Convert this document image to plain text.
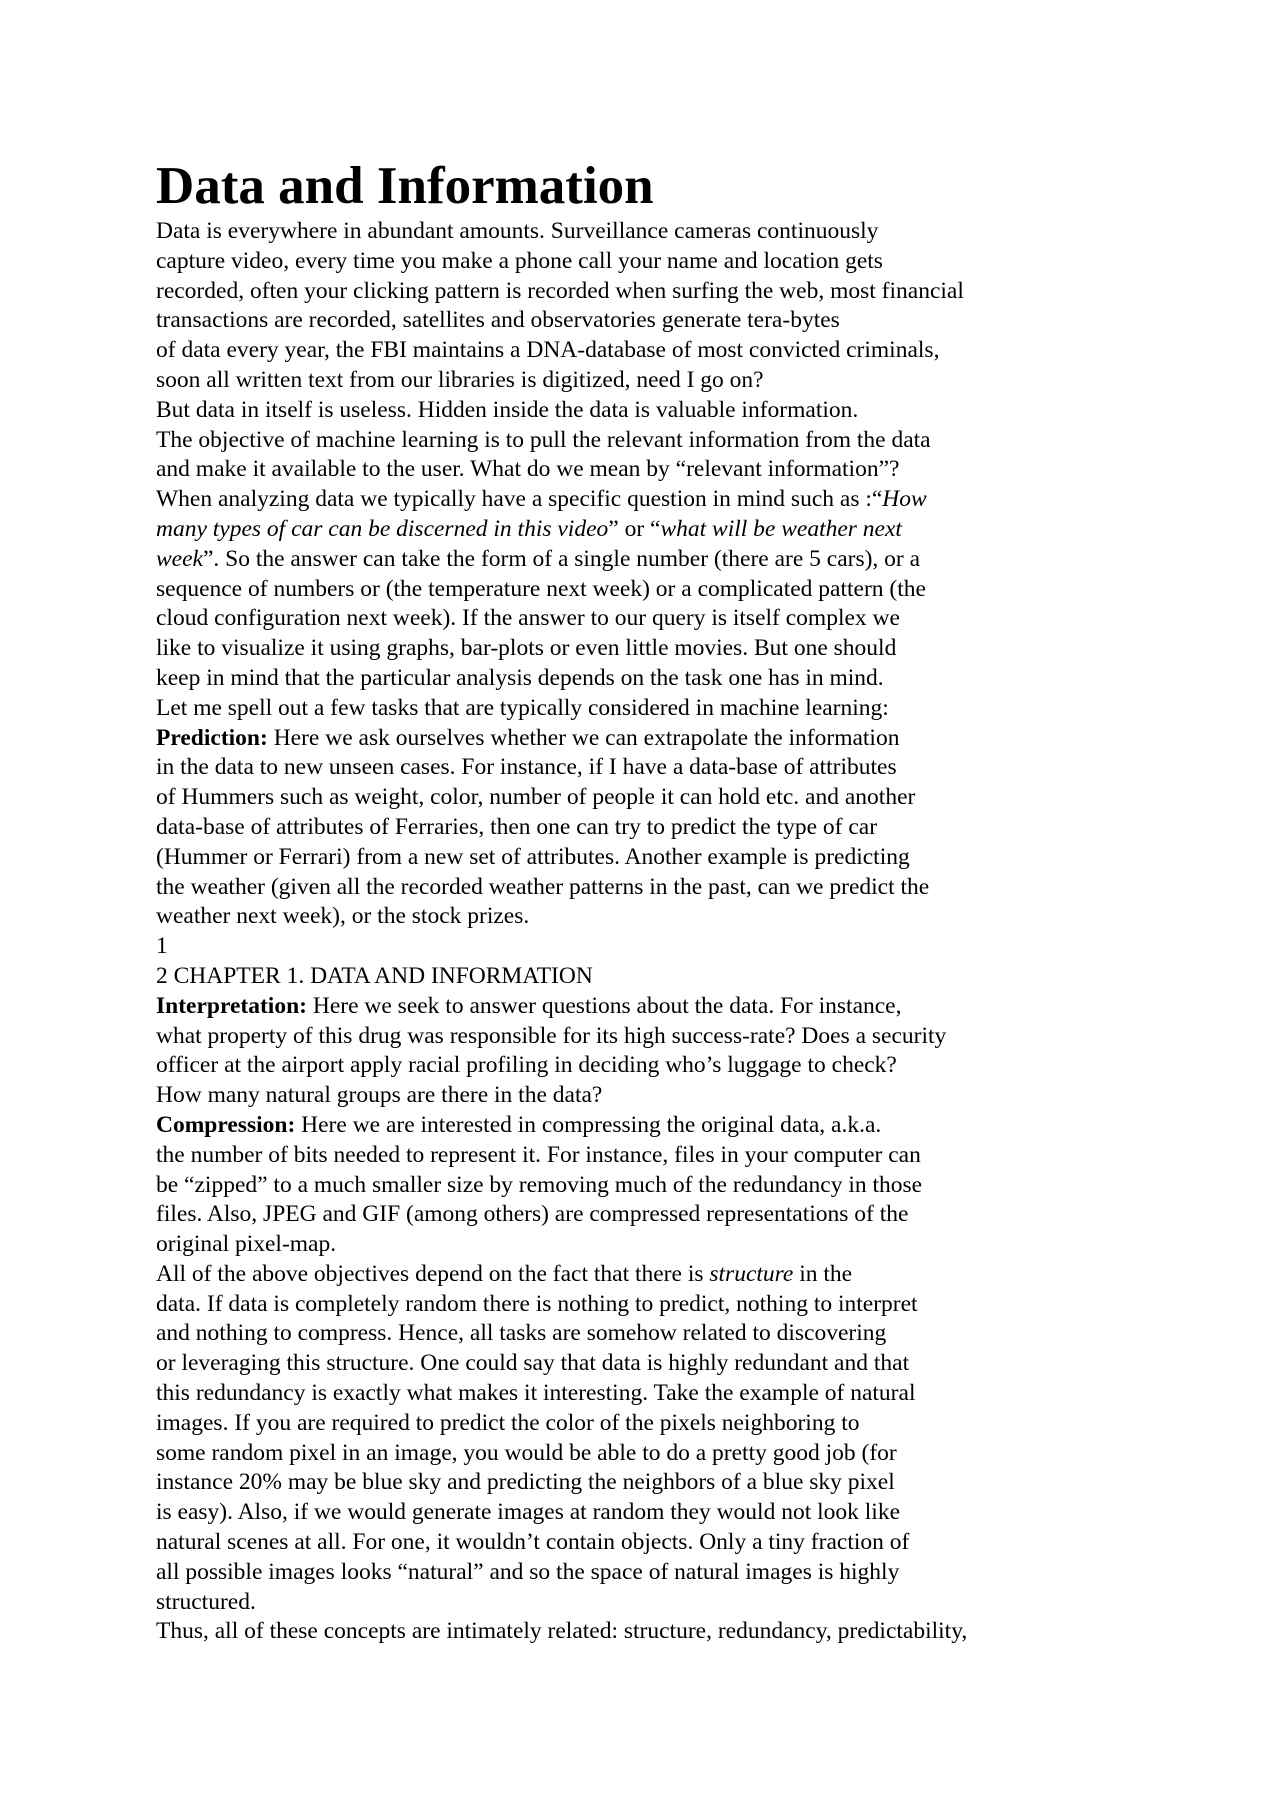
Data and Information
Data is everywhere in abundant amounts. Surveillance cameras continuously
capture video, every time you make a phone call your name and location gets
recorded, often your clicking pattern is recorded when surfing the web, most financial
transactions are recorded, satellites and observatories generate tera-bytes
of data every year, the FBI maintains a DNA-database of most convicted criminals,
soon all written text from our libraries is digitized, need I go on?
But data in itself is useless. Hidden inside the data is valuable information.
The objective of machine learning is to pull the relevant information from the data
and make it available to the user. What do we mean by “relevant information”?
When analyzing data we typically have a specific question in mind such as :“How
many types of car can be discerned in this video” or “what will be weather next
week”. So the answer can take the form of a single number (there are 5 cars), or a
sequence of numbers or (the temperature next week) or a complicated pattern (the
cloud configuration next week). If the answer to our query is itself complex we
like to visualize it using graphs, bar-plots or even little movies. But one should
keep in mind that the particular analysis depends on the task one has in mind.
Let me spell out a few tasks that are typically considered in machine learning:
Prediction: Here we ask ourselves whether we can extrapolate the information
in the data to new unseen cases. For instance, if I have a data-base of attributes
of Hummers such as weight, color, number of people it can hold etc. and another
data-base of attributes of Ferraries, then one can try to predict the type of car
(Hummer or Ferrari) from a new set of attributes. Another example is predicting
the weather (given all the recorded weather patterns in the past, can we predict the
weather next week), or the stock prizes.
1
2 CHAPTER 1. DATA AND INFORMATION
Interpretation: Here we seek to answer questions about the data. For instance,
what property of this drug was responsible for its high success-rate? Does a security
officer at the airport apply racial profiling in deciding who’s luggage to check?
How many natural groups are there in the data?
Compression: Here we are interested in compressing the original data, a.k.a.
the number of bits needed to represent it. For instance, files in your computer can
be “zipped” to a much smaller size by removing much of the redundancy in those
files. Also, JPEG and GIF (among others) are compressed representations of the
original pixel-map.
All of the above objectives depend on the fact that there is structure in the
data. If data is completely random there is nothing to predict, nothing to interpret
and nothing to compress. Hence, all tasks are somehow related to discovering
or leveraging this structure. One could say that data is highly redundant and that
this redundancy is exactly what makes it interesting. Take the example of natural
images. If you are required to predict the color of the pixels neighboring to
some random pixel in an image, you would be able to do a pretty good job (for
instance 20% may be blue sky and predicting the neighbors of a blue sky pixel
is easy). Also, if we would generate images at random they would not look like
natural scenes at all. For one, it wouldn’t contain objects. Only a tiny fraction of
all possible images looks “natural” and so the space of natural images is highly
structured.
Thus, all of these concepts are intimately related: structure, redundancy, predictability,
